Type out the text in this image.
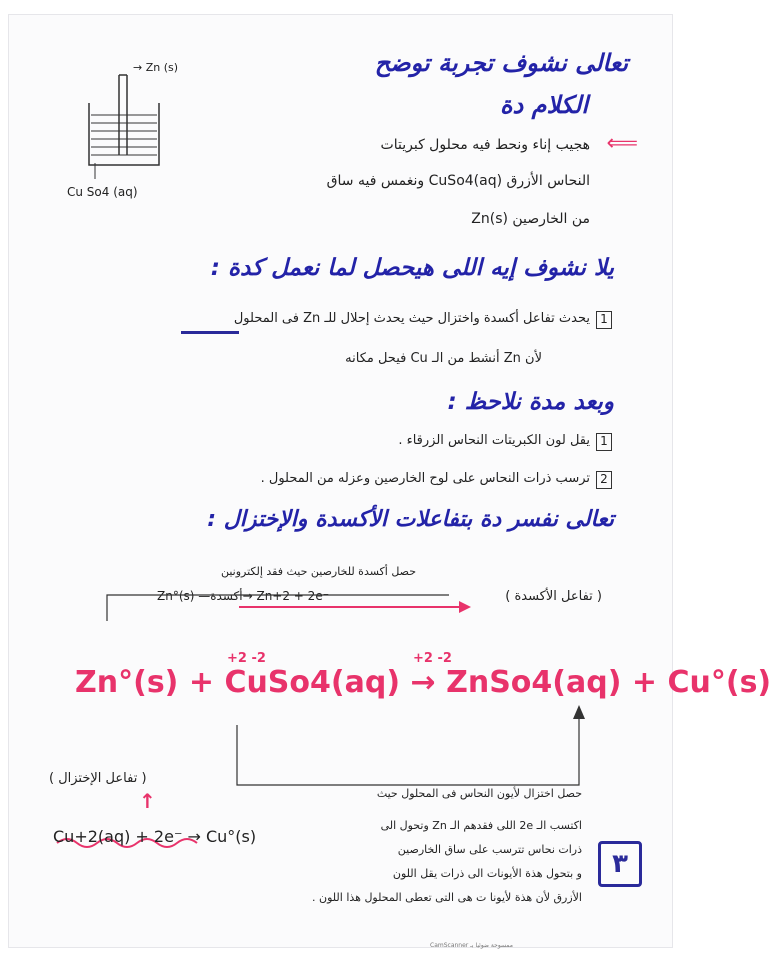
→ Zn (s)
Cu So4 (aq)
تعالى نشوف تجربة توضح
الكلام دة
⟸
هجيب إناء ونحط فيه محلول كبريتات
النحاس الأزرق CuSo4(aq) ونغمس فيه ساق
من الخارصين Zn(s)
يلا نشوف إيه اللى هيحصل لما نعمل كدة :
1
يحدث تفاعل أكسدة واختزال حيث يحدث إحلال للـ Zn فى المحلول
لأن Zn أنشط من الـ Cu فيحل مكانه
وبعد مدة نلاحظ :
1
يقل لون الكبريتات النحاس الزرقاء .
2
ترسب ذرات النحاس على لوح الخارصين وعزله من المحلول .
تعالى نفسر دة بتفاعلات الأكسدة والإختزال :
حصل أكسدة للخارصين حيث فقد إلكترونين
Zn°(s) —أكسدة→ Zn+2 + 2e⁻	( تفاعل الأكسدة )
Zn°(s) + CuSo4(aq) → ZnSo4(aq) + Cu°(s)
+2 -2	+2 -2
( تفاعل الإختزال )
↑
Cu+2(aq) + 2e⁻ → Cu°(s)
حصل اختزال لأيون النحاس فى المحلول حيث
اكتسب الـ 2e اللى فقدهم الـ Zn وتحول الى
ذرات نحاس تترسب على ساق الخارصين
و بتحول هذة الأيونات الى ذرات يقل اللون
الأزرق لأن هذة لأيونا ت هى التى تعطى المحلول هذا اللون .
٣
CamScanner ممسوحة ضوئيا بـ
